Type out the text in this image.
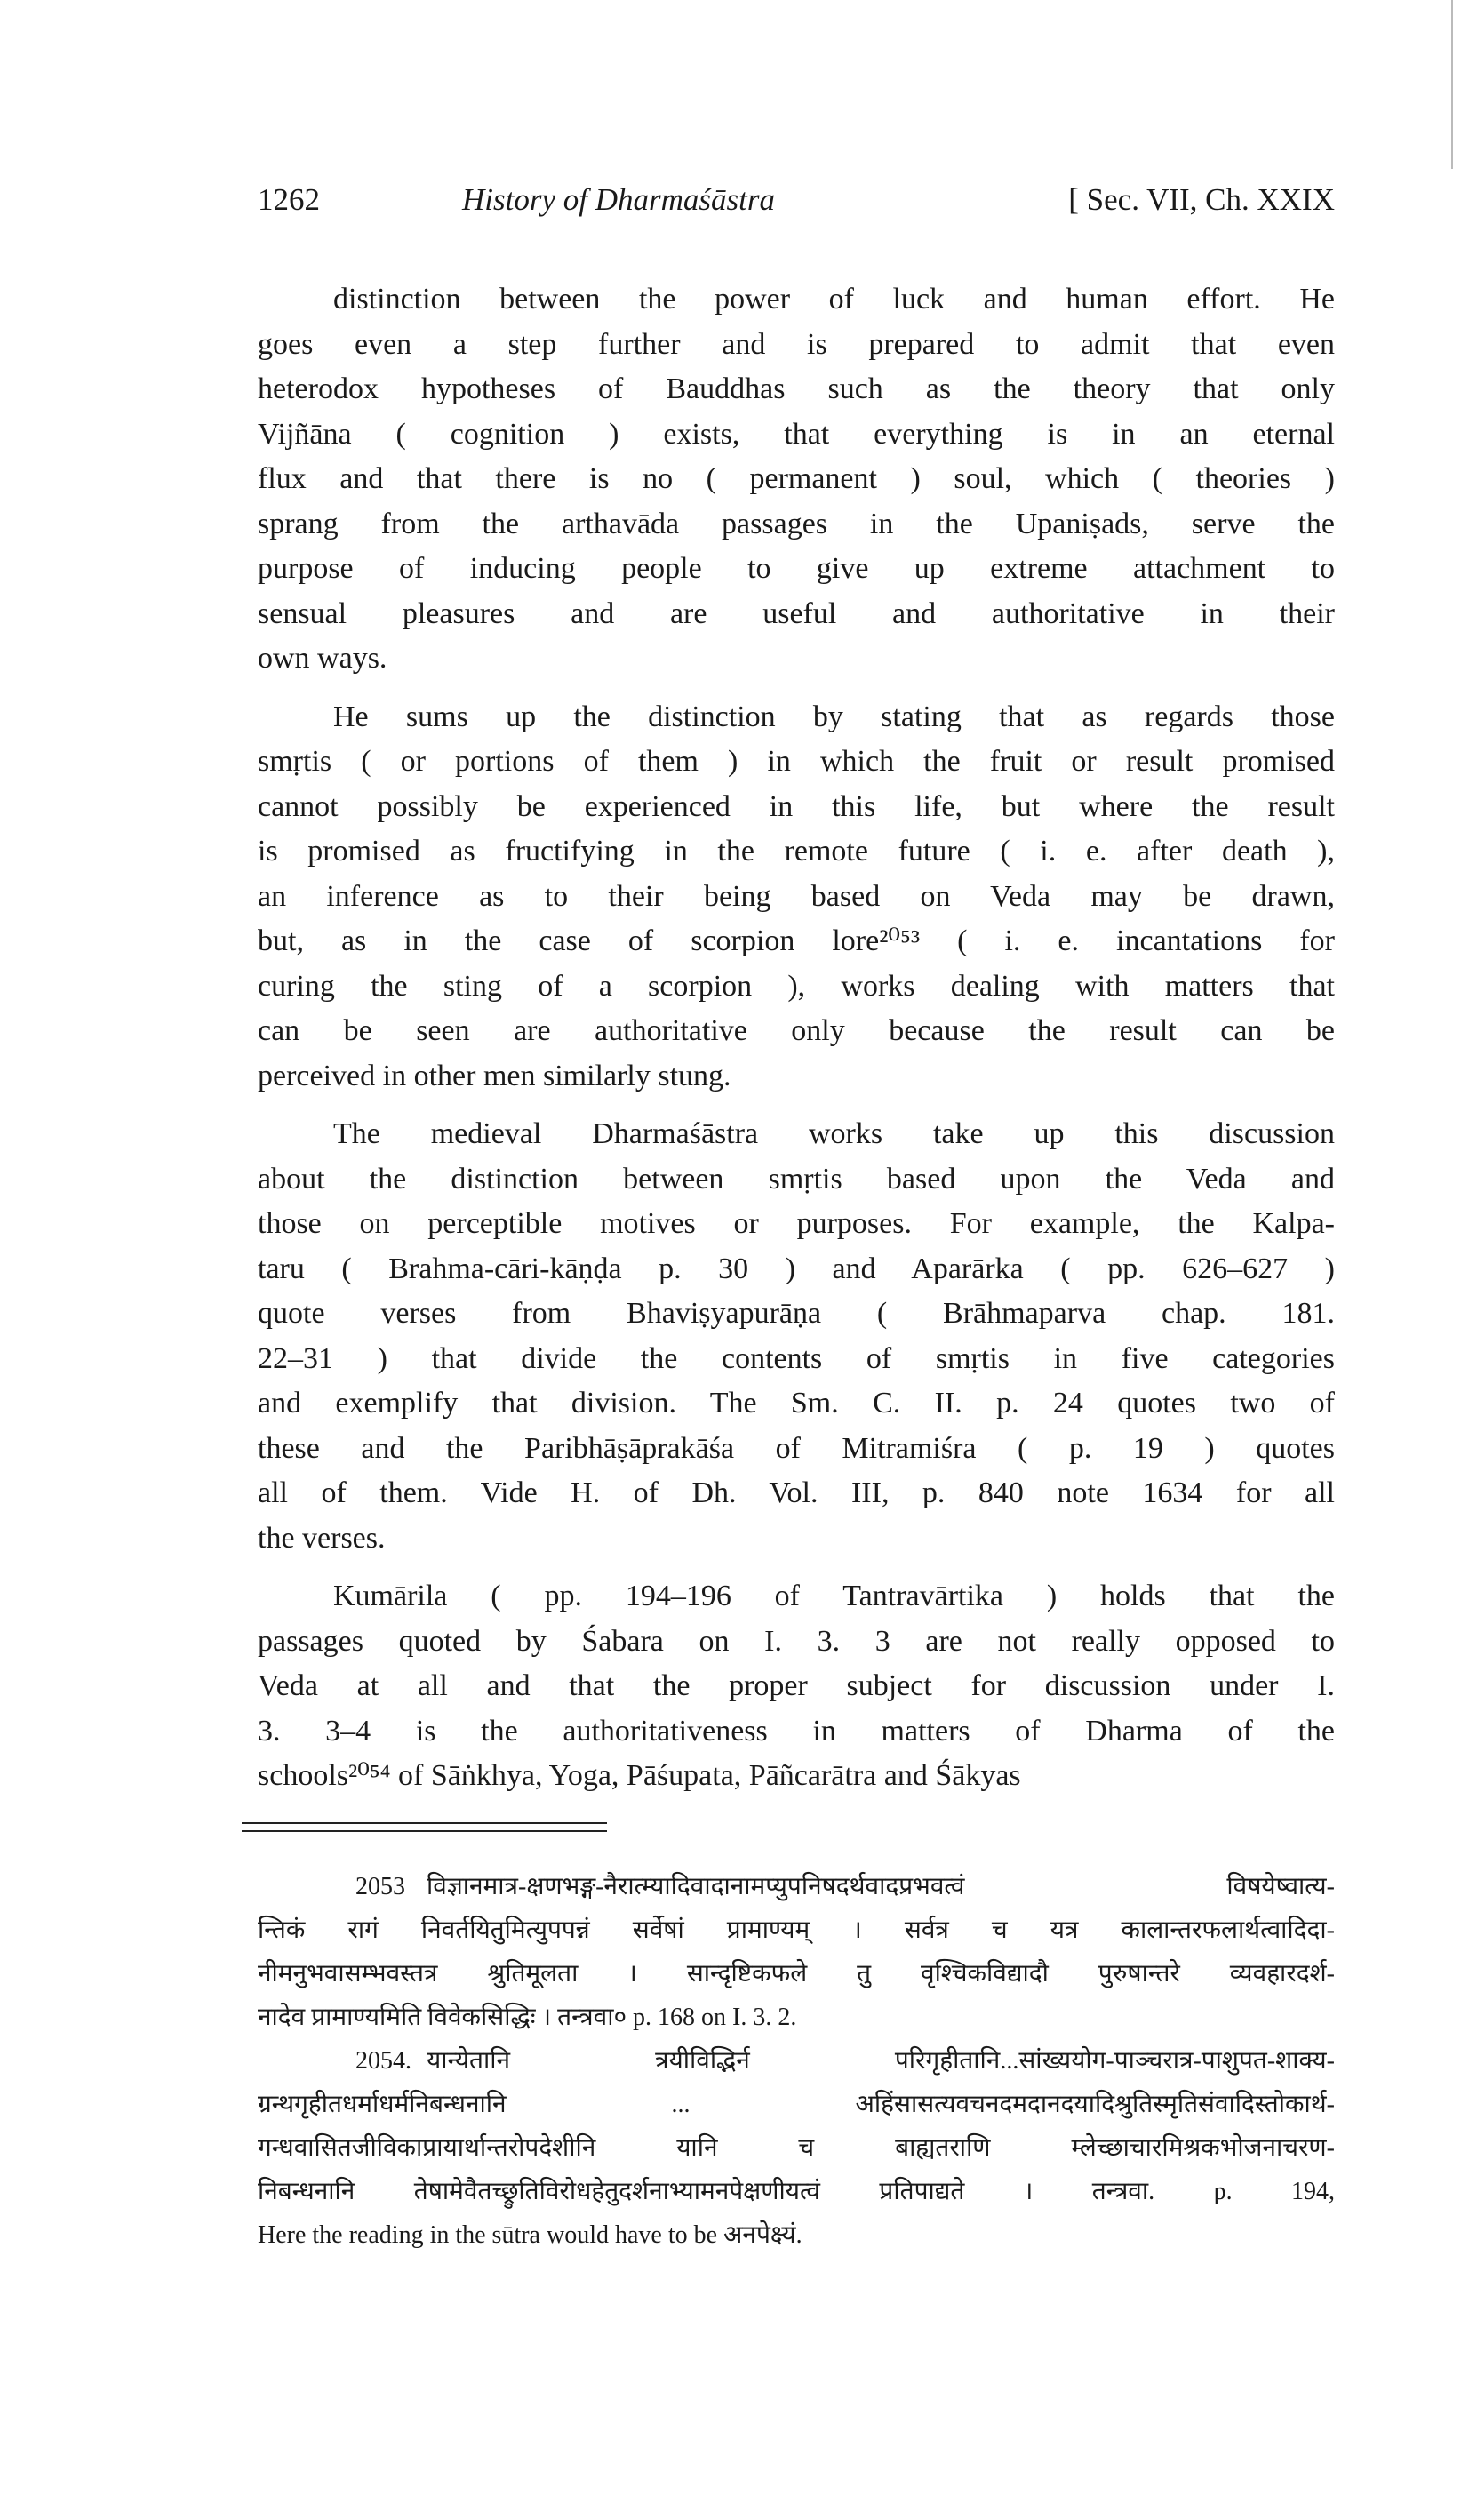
1262	History of Dharmaśāstra	[ Sec. VII, Ch. XXIX
distinction between the power of luck and human effort. He
goes even a step further and is prepared to admit that even
heterodox hypotheses of Bauddhas such as the theory that only
Vijñāna ( cognition ) exists, that everything is in an eternal
flux and that there is no ( permanent ) soul, which ( theories )
sprang from the arthavāda passages in the Upaniṣads, serve the
purpose of inducing people to give up extreme attachment to
sensual pleasures and are useful and authoritative in their
own ways.
He sums up the distinction by stating that as regards those
smṛtis ( or portions of them ) in which the fruit or result promised
cannot possibly be experienced in this life, but where the result
is promised as fructifying in the remote future ( i. e. after death ),
an inference as to their being based on Veda may be drawn,
but, as in the case of scorpion lore²⁰⁵³ ( i. e. incantations for
curing the sting of a scorpion ), works dealing with matters that
can be seen are authoritative only because the result can be
perceived in other men similarly stung.
The medieval Dharmaśāstra works take up this discussion
about the distinction between smṛtis based upon the Veda and
those on perceptible motives or purposes. For example, the Kalpa-
taru ( Brahma-cāri-kāṇḍa p. 30 ) and Aparārka ( pp. 626–627 )
quote verses from Bhaviṣyapurāṇa ( Brāhmaparva chap. 181.
22–31 ) that divide the contents of smṛtis in five categories
and exemplify that division. The Sm. C. II. p. 24 quotes two of
these and the Paribhāṣāprakāśa of Mitramiśra ( p. 19 ) quotes
all of them. Vide H. of Dh. Vol. III, p. 840 note 1634 for all
the verses.
Kumārila ( pp. 194–196 of Tantravārtika ) holds that the
passages quoted by Śabara on I. 3. 3 are not really opposed to
Veda at all and that the proper subject for discussion under I.
3. 3–4 is the authoritativeness in matters of Dharma of the
schools²⁰⁵⁴ of Sāṅkhya, Yoga, Pāśupata, Pāñcarātra and Śākyas
2053 विज्ञानमात्र-क्षणभङ्ग-नैरात्म्यादिवादानामप्युपनिषदर्थवादप्रभवत्वं विषयेष्वात्य-
न्तिकं रागं निवर्तयितुमित्युपपन्नं सर्वेषां प्रामाण्यम् । सर्वत्र च यत्र कालान्तरफलार्थत्वादिदा-
नीमनुभवासम्भवस्तत्र श्रुतिमूलता । सान्दृष्टिकफले तु वृश्चिकविद्यादौ पुरुषान्तरे व्यवहारदर्श-
नादेव प्रामाण्यमिति विवेकसिद्धिः । तन्त्रवा० p. 168 on I. 3. 2.
2054. यान्येतानि त्रयीविद्भिर्न परिगृहीतानि...सांख्ययोग-पाञ्चरात्र-पाशुपत-शाक्य-
ग्रन्थगृहीतधर्माधर्मनिबन्धनानि ... अहिंसासत्यवचनदमदानदयादिश्रुतिस्मृतिसंवादिस्तोकार्थ-
गन्धवासितजीविकाप्रायार्थान्तरोपदेशीनि यानि च बाह्यतराणि म्लेच्छाचारमिश्रकभोजनाचरण-
निबन्धनानि तेषामेवैतच्छ्रुतिविरोधहेतुदर्शनाभ्यामनपेक्षणीयत्वं प्रतिपाद्यते । तन्त्रवा. p. 194,
Here the reading in the sūtra would have to be अनपेक्ष्यं.
